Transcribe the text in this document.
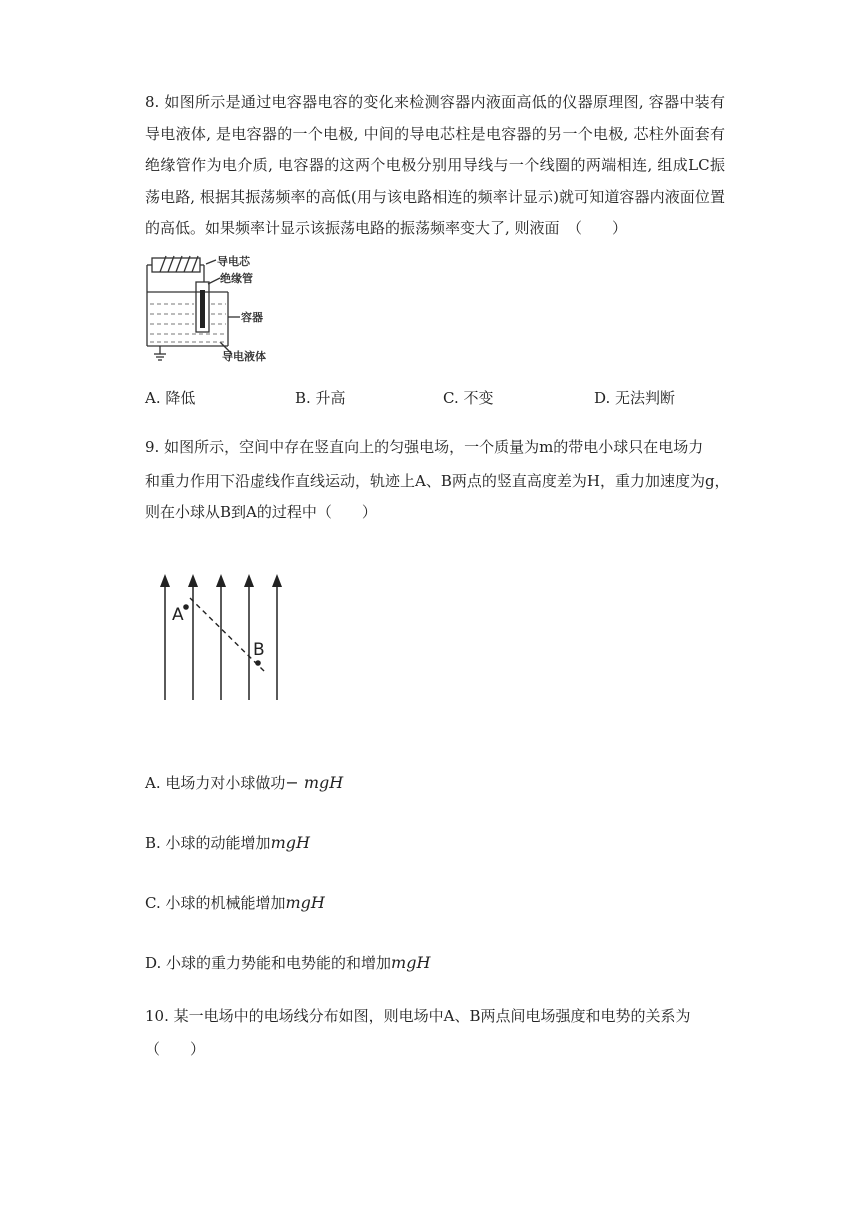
8. 如图所示是通过电容器电容的变化来检测容器内液面高低的仪器原理图, 容器中装有导电液体, 是电容器的一个电极, 中间的导电芯柱是电容器的另一个电极, 芯柱外面套有绝缘管作为电介质, 电容器的这两个电极分别用导线与一个线圈的两端相连, 组成LC振荡电路, 根据其振荡频率的高低(用与该电路相连的频率计显示)就可知道容器内液面位置的高低。如果频率计显示该振荡电路的振荡频率变大了, 则液面　（　　）
导电芯
绝缘管
容器
导电液体
A. 降低	B. 升高	C. 不变	D. 无法判断
9. 如图所示，空间中存在竖直向上的匀强电场，一个质量为m的带电小球只在电场力
和重力作用下沿虚线作直线运动，轨迹上A、B两点的竖直高度差为H，重力加速度为g，
则在小球从B到A的过程中（　　）
A
B
A. 电场力对小球做功− mgH
B. 小球的动能增加mgH
C. 小球的机械能增加mgH
D. 小球的重力势能和电势能的和增加mgH
10. 某一电场中的电场线分布如图，则电场中A、B两点间电场强度和电势的关系为
（　　）
